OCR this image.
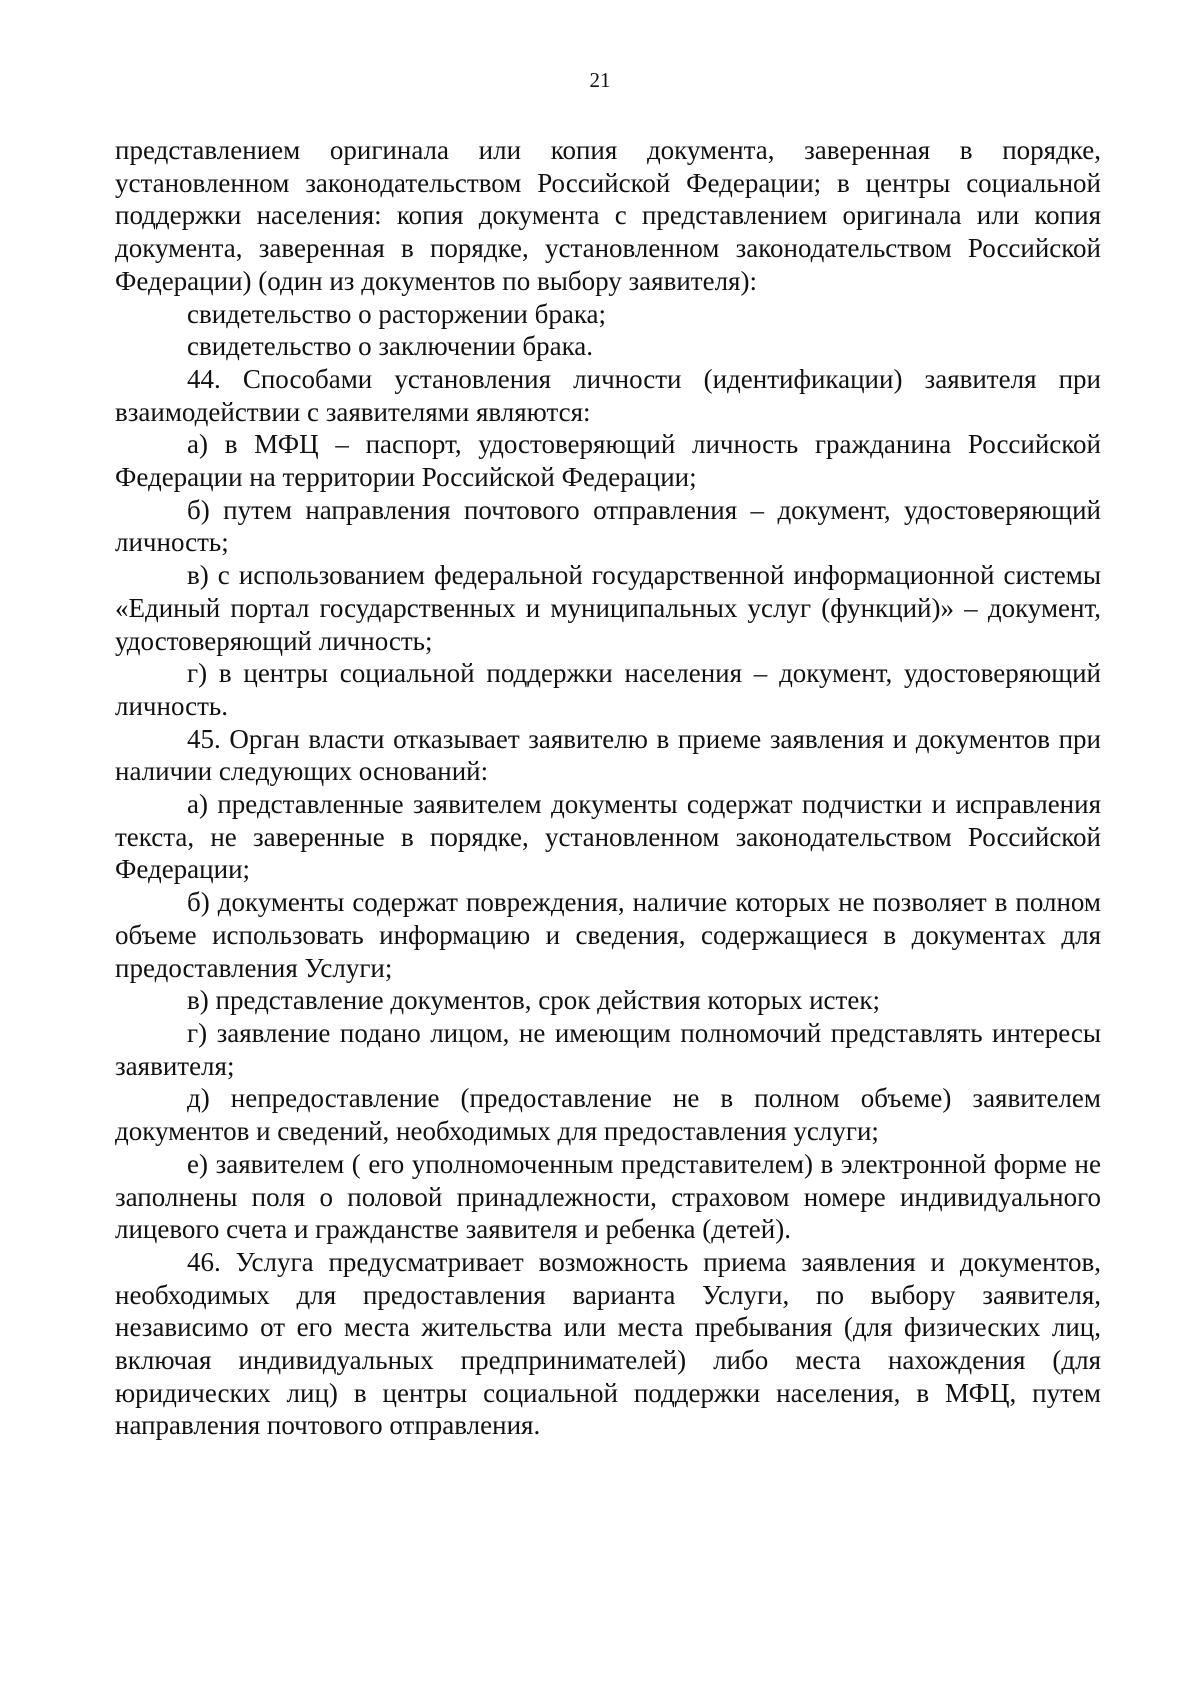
21

представлением оригинала или копия документа, заверенная в порядке, установленном законодательством Российской Федерации; в центры социальной поддержки населения: копия документа с представлением оригинала или копия документа, заверенная в порядке, установленном законодательством Российской Федерации) (один из документов по выбору заявителя):

свидетельство о расторжении брака;

свидетельство о заключении брака.

44. Способами установления личности (идентификации) заявителя при взаимодействии с заявителями являются:

а) в МФЦ – паспорт, удостоверяющий личность гражданина Российской Федерации на территории Российской Федерации;

б) путем направления почтового отправления – документ, удостоверяющий личность;

в) с использованием федеральной государственной информационной системы «Единый портал государственных и муниципальных услуг (функций)» – документ, удостоверяющий личность;

г) в центры социальной поддержки населения – документ, удостоверяющий личность.

45. Орган власти отказывает заявителю в приеме заявления и документов при наличии следующих оснований:

а) представленные заявителем документы содержат подчистки и исправления текста, не заверенные в порядке, установленном законодательством Российской Федерации;

б) документы содержат повреждения, наличие которых не позволяет в полном объеме использовать информацию и сведения, содержащиеся в документах для предоставления Услуги;

в) представление документов, срок действия которых истек;

г) заявление подано лицом, не имеющим полномочий представлять интересы заявителя;

д) непредоставление (предоставление не в полном объеме) заявителем документов и сведений, необходимых для предоставления услуги;

е) заявителем ( его уполномоченным представителем) в электронной форме не заполнены поля о половой принадлежности, страховом номере индивидуального лицевого счета и гражданстве заявителя и ребенка (детей).

46. Услуга предусматривает возможность приема заявления и документов, необходимых для предоставления варианта Услуги, по выбору заявителя, независимо от его места жительства или места пребывания (для физических лиц, включая индивидуальных предпринимателей) либо места нахождения (для юридических лиц) в центры социальной поддержки населения, в МФЦ, путем направления почтового отправления.
